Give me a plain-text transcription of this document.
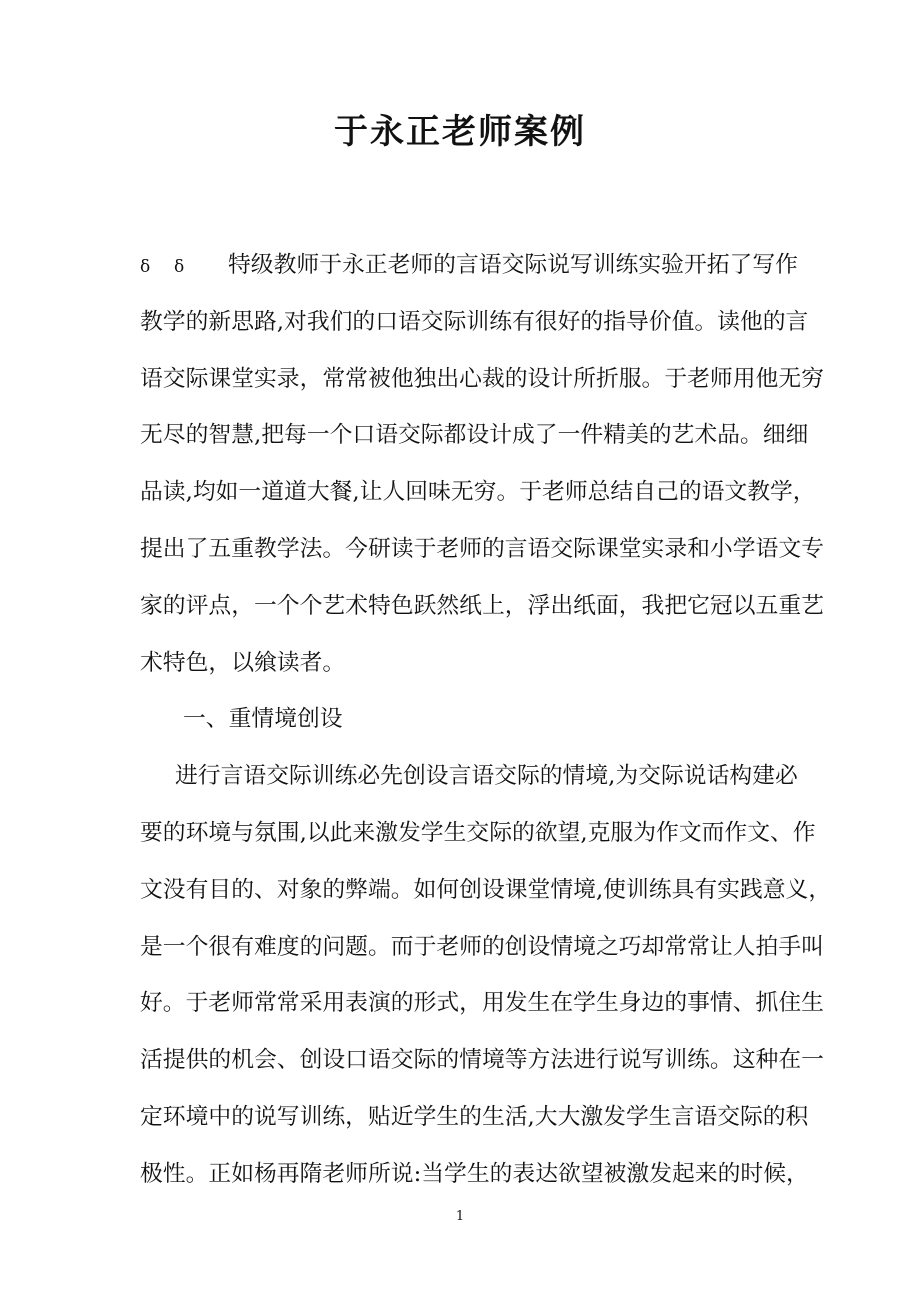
于永正老师案例
ẟ ẟ 特级教师于永正老师的言语交际说写训练实验开拓了写作
教学的新思路,对我们的口语交际训练有很好的指导价值。读他的言
语交际课堂实录，常常被他独出心裁的设计所折服。于老师用他无穷
无尽的智慧,把每一个口语交际都设计成了一件精美的艺术品。细细
品读,均如一道道大餐,让人回味无穷。于老师总结自己的语文教学，
提出了五重教学法。今研读于老师的言语交际课堂实录和小学语文专
家的评点，一个个艺术特色跃然纸上，浮出纸面，我把它冠以五重艺
术特色，以飨读者。
一、重情境创设
进行言语交际训练必先创设言语交际的情境,为交际说话构建必
要的环境与氛围,以此来激发学生交际的欲望,克服为作文而作文、作
文没有目的、对象的弊端。如何创设课堂情境,使训练具有实践意义，
是一个很有难度的问题。而于老师的创设情境之巧却常常让人拍手叫
好。于老师常常采用表演的形式，用发生在学生身边的事情、抓住生
活提供的机会、创设口语交际的情境等方法进行说写训练。这种在一
定环境中的说写训练，贴近学生的生活,大大激发学生言语交际的积
极性。正如杨再隋老师所说:当学生的表达欲望被激发起来的时候，
1
